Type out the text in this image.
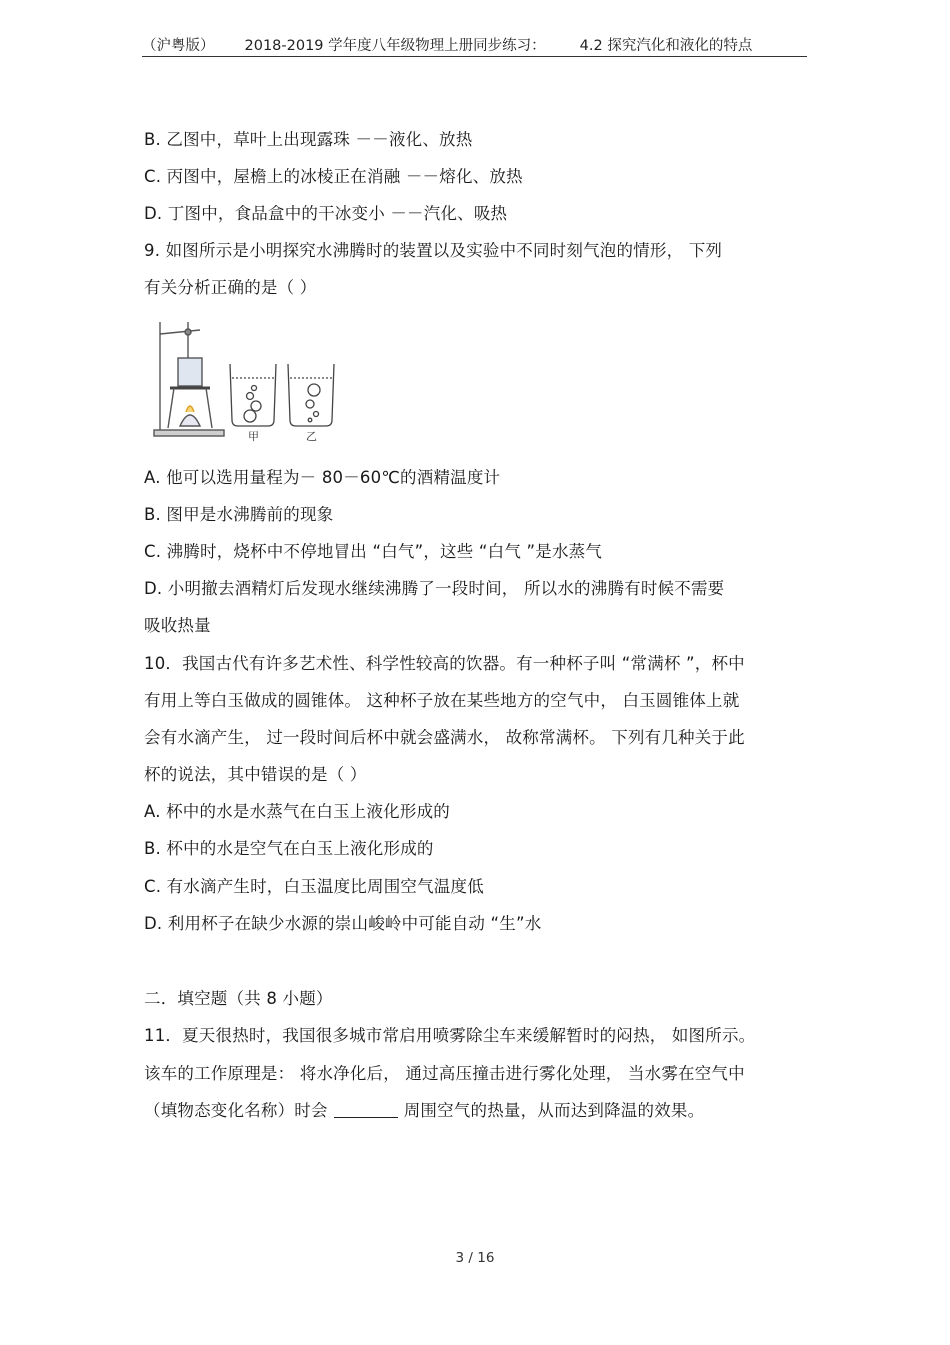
（沪粤版） 2018-2019 学年度八年级物理上册同步练习： 4.2 探究汽化和液化的特点
B. 乙图中，草叶上出现露珠 －－液化、放热
C. 丙图中，屋檐上的冰棱正在消融 －－熔化、放热
D. 丁图中，食品盒中的干冰变小 －－汽化、吸热
9. 如图所示是小明探究水沸腾时的装置以及实验中不同时刻气泡的情形， 下列
有关分析正确的是（ ）
甲	乙
A. 他可以选用量程为－ 80－60℃的酒精温度计
B. 图甲是水沸腾前的现象
C. 沸腾时，烧杯中不停地冒出 “白气”，这些 “白气 ”是水蒸气
D. 小明撤去酒精灯后发现水继续沸腾了一段时间， 所以水的沸腾有时候不需要
吸收热量
10．我国古代有许多艺术性、科学性较高的饮器。有一种杯子叫 “常满杯 ”，杯中
有用上等白玉做成的圆锥体。 这种杯子放在某些地方的空气中， 白玉圆锥体上就
会有水滴产生， 过一段时间后杯中就会盛满水， 故称常满杯。 下列有几种关于此
杯的说法，其中错误的是（ ）
A. 杯中的水是水蒸气在白玉上液化形成的
B. 杯中的水是空气在白玉上液化形成的
C. 有水滴产生时，白玉温度比周围空气温度低
D. 利用杯子在缺少水源的崇山峻岭中可能自动 “生”水
二．填空题（共 8 小题）
11．夏天很热时，我国很多城市常启用喷雾除尘车来缓解暂时的闷热， 如图所示。
该车的工作原理是： 将水净化后， 通过高压撞击进行雾化处理， 当水雾在空气中
（填物态变化名称）时会	周围空气的热量，从而达到降温的效果。
3 / 16
